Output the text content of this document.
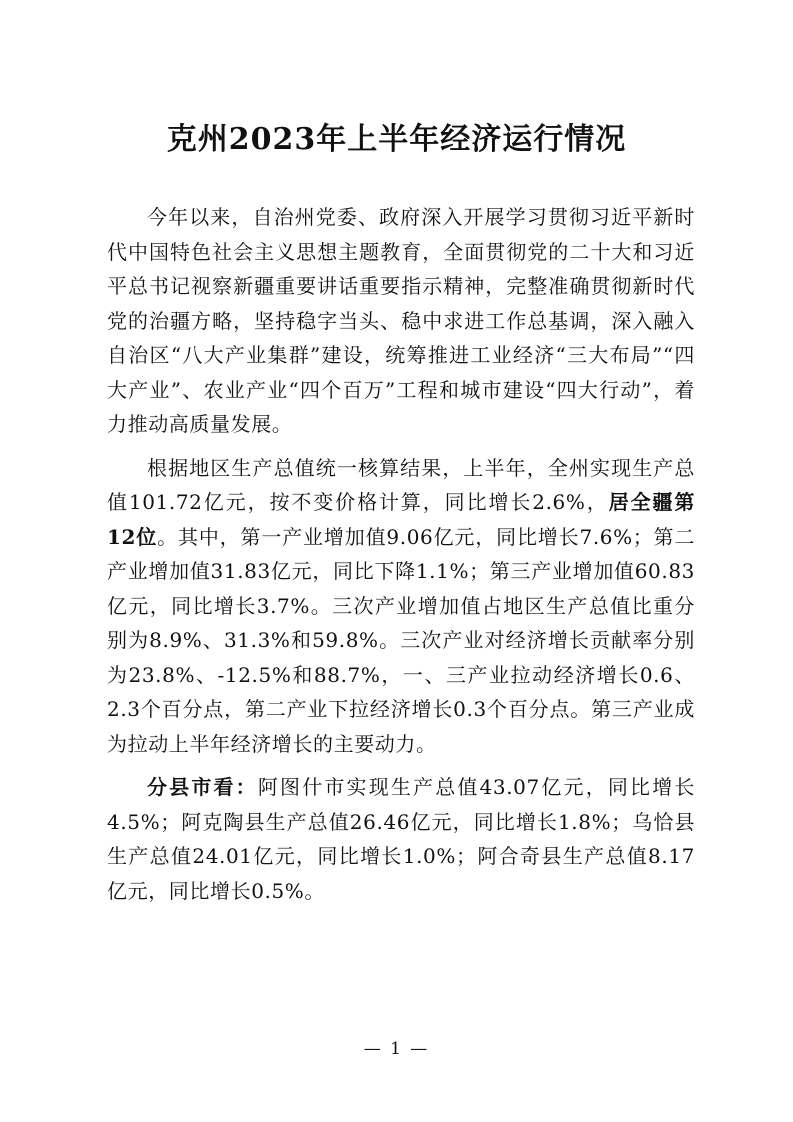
克州2023年上半年经济运行情况

今年以来，自治州党委、政府深入开展学习贯彻习近平新时代中国特色社会主义思想主题教育，全面贯彻党的二十大和习近平总书记视察新疆重要讲话重要指示精神，完整准确贯彻新时代党的治疆方略，坚持稳字当头、稳中求进工作总基调，深入融入自治区“八大产业集群”建设，统筹推进工业经济“三大布局”“四大产业”、农业产业“四个百万”工程和城市建设“四大行动”，着力推动高质量发展。

根据地区生产总值统一核算结果，上半年，全州实现生产总值101.72亿元，按不变价格计算，同比增长2.6%，居全疆第12位。其中，第一产业增加值9.06亿元，同比增长7.6%；第二产业增加值31.83亿元，同比下降1.1%；第三产业增加值60.83亿元，同比增长3.7%。三次产业增加值占地区生产总值比重分别为8.9%、31.3%和59.8%。三次产业对经济增长贡献率分别为23.8%、-12.5%和88.7%，一、三产业拉动经济增长0.6、2.3个百分点，第二产业下拉经济增长0.3个百分点。第三产业成为拉动上半年经济增长的主要动力。

分县市看：阿图什市实现生产总值43.07亿元，同比增长4.5%；阿克陶县生产总值26.46亿元，同比增长1.8%；乌恰县生产总值24.01亿元，同比增长1.0%；阿合奇县生产总值8.17亿元，同比增长0.5%。

— 1 —
